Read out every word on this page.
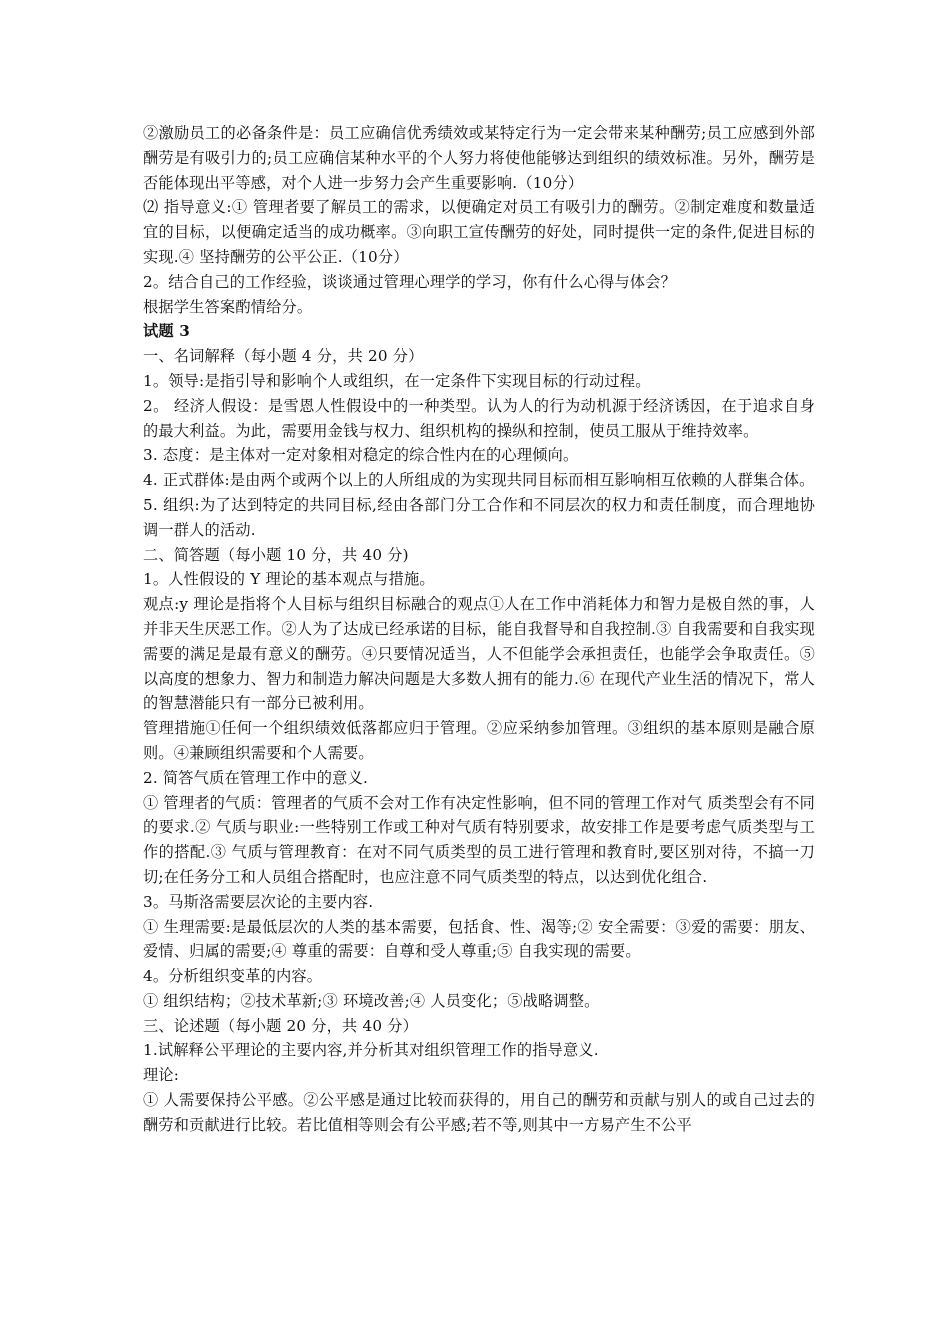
②激励员工的必备条件是：员工应确信优秀绩效或某特定行为一定会带来某种酬劳;员工应感到外部酬劳是有吸引力的;员工应确信某种水平的个人努力将使他能够达到组织的绩效标准。另外，酬劳是否能体现出平等感，对个人进一步努力会产生重要影响.（10分）

⑵ 指导意义:① 管理者要了解员工的需求，以便确定对员工有吸引力的酬劳。②制定难度和数量适宜的目标，以便确定适当的成功概率。③向职工宣传酬劳的好处，同时提供一定的条件,促进目标的实现.④ 坚持酬劳的公平公正.（10分）

2。结合自己的工作经验，谈谈通过管理心理学的学习，你有什么心得与体会？

根据学生答案酌情给分。

试题 3

一、名词解释（每小题 4 分，共 20 分）

1。领导:是指引导和影响个人或组织，在一定条件下实现目标的行动过程。

2。 经济人假设：是雪恩人性假设中的一种类型。认为人的行为动机源于经济诱因，在于追求自身的最大利益。为此，需要用金钱与权力、组织机构的操纵和控制，使员工服从于维持效率。

3. 态度：是主体对一定对象相对稳定的综合性内在的心理倾向。

4. 正式群体:是由两个或两个以上的人所组成的为实现共同目标而相互影响相互依赖的人群集合体。

5. 组织:为了达到特定的共同目标,经由各部门分工合作和不同层次的权力和责任制度，而合理地协调一群人的活动.

二、简答题（每小题 10 分，共 40 分)

1。人性假设的 Y 理论的基本观点与措施。

观点:y 理论是指将个人目标与组织目标融合的观点①人在工作中消耗体力和智力是极自然的事，人并非天生厌恶工作。②人为了达成已经承诺的目标，能自我督导和自我控制.③ 自我需要和自我实现需要的满足是最有意义的酬劳。④只要情况适当，人不但能学会承担责任，也能学会争取责任。⑤以高度的想象力、智力和制造力解决问题是大多数人拥有的能力.⑥ 在现代产业生活的情况下，常人的智慧潜能只有一部分已被利用。

管理措施①任何一个组织绩效低落都应归于管理。②应采纳参加管理。③组织的基本原则是融合原则。④兼顾组织需要和个人需要。

2. 简答气质在管理工作中的意义.

① 管理者的气质：管理者的气质不会对工作有决定性影响，但不同的管理工作对气 质类型会有不同的要求.② 气质与职业:一些特别工作或工种对气质有特别要求，故安排工作是要考虑气质类型与工作的搭配.③ 气质与管理教育：在对不同气质类型的员工进行管理和教育时,要区别对待，不搞一刀切;在任务分工和人员组合搭配时，也应注意不同气质类型的特点，以达到优化组合.

3。马斯洛需要层次论的主要内容.

① 生理需要:是最低层次的人类的基本需要，包括食、性、渴等;② 安全需要：③爱的需要：朋友、爱情、归属的需要;④ 尊重的需要：自尊和受人尊重;⑤ 自我实现的需要。

4。分析组织变革的内容。

① 组织结构；②技术革新;③ 环境改善;④ 人员变化；⑤战略调整。

三、论述题（每小题 20 分，共 40 分）

1.试解释公平理论的主要内容,并分析其对组织管理工作的指导意义.

理论:

① 人需要保持公平感。②公平感是通过比较而获得的，用自己的酬劳和贡献与别人的或自己过去的酬劳和贡献进行比较。若比值相等则会有公平感;若不等,则其中一方易产生不公平
